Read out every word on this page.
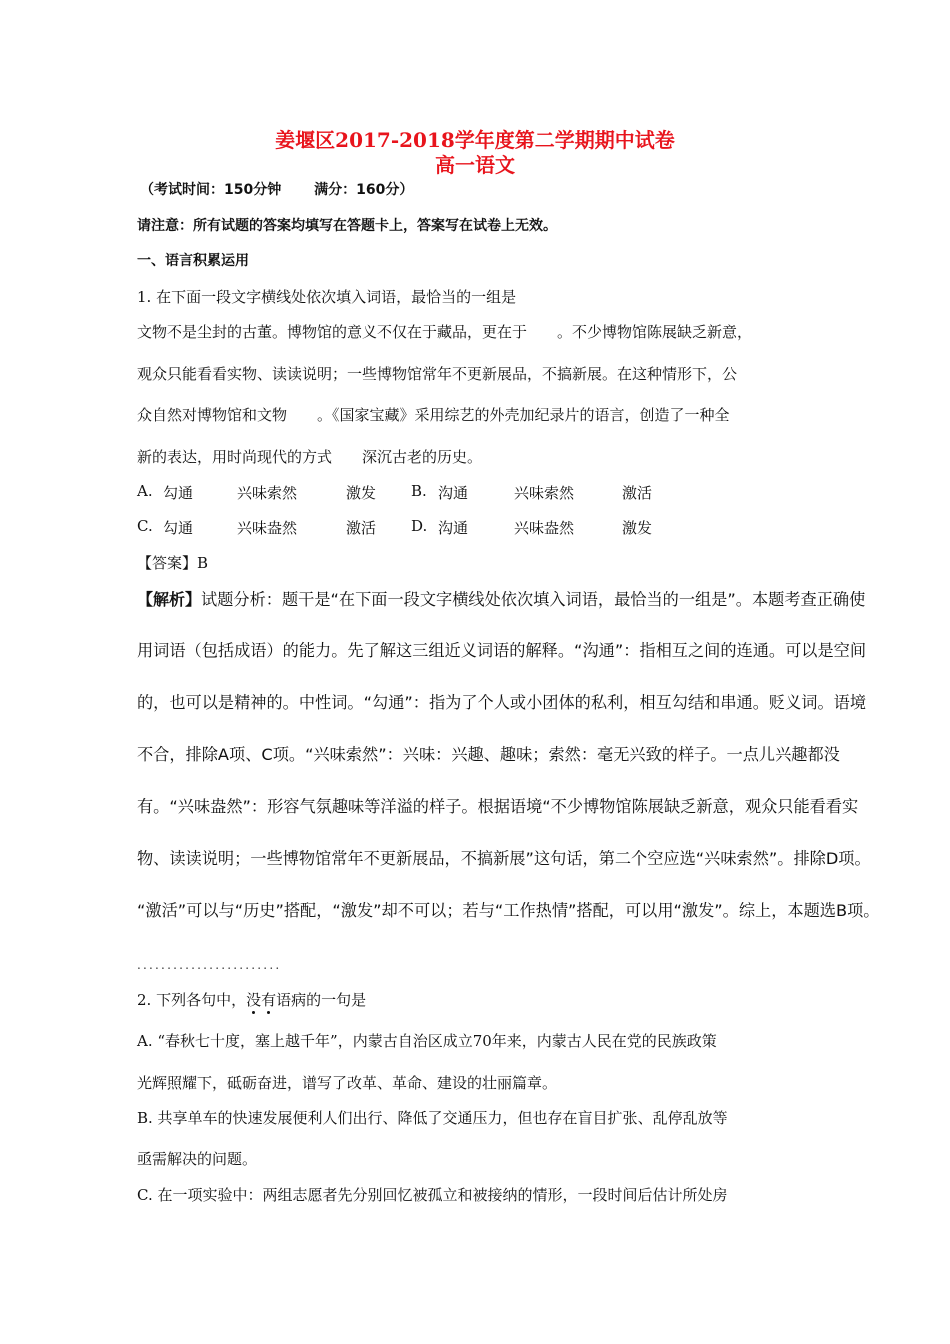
姜堰区2017-2018学年度第二学期期中试卷
高一语文
（考试时间：150分钟　　 满分：160分）
请注意：所有试题的答案均填写在答题卡上，答案写在试卷上无效。
一、语言积累运用
1. 在下面一段文字横线处依次填入词语，最恰当的一组是
文物不是尘封的古董。博物馆的意义不仅在于藏品，更在于　　。不少博物馆陈展缺乏新意，
观众只能看看实物、读读说明；一些博物馆常年不更新展品，不搞新展。在这种情形下，公
众自然对博物馆和文物　　。《国家宝藏》采用综艺的外壳加纪录片的语言，创造了一种全
新的表达，用时尚现代的方式　　深沉古老的历史。
A. 勾通	兴味索然	激发 B. 沟通	兴味索然	激活
C. 勾通	兴味盎然	激活 D. 沟通	兴味盎然	激发
【答案】B
【解析】试题分析：题干是“在下面一段文字横线处依次填入词语，最恰当的一组是”。本题考查正确使
用词语（包括成语）的能力。先了解这三组近义词语的解释。“沟通”：指相互之间的连通。可以是空间
的，也可以是精神的。中性词。“勾通”：指为了个人或小团体的私利，相互勾结和串通。贬义词。语境
不合，排除A项、C项。“兴味索然”：兴味：兴趣、趣味；索然：毫无兴致的样子。一点儿兴趣都没
有。“兴味盎然”：形容气氛趣味等洋溢的样子。根据语境“不少博物馆陈展缺乏新意，观众只能看看实
物、读读说明；一些博物馆常年不更新展品，不搞新展”这句话，第二个空应选“兴味索然”。排除D项。
“激活”可以与“历史”搭配，“激发”却不可以；若与“工作热情”搭配，可以用“激发”。综上，本题选B项。
........................
2. 下列各句中，没有语病的一句是
A. “春秋七十度，塞上越千年”，内蒙古自治区成立70年来，内蒙古人民在党的民族政策
光辉照耀下，砥砺奋进，谱写了改革、革命、建设的壮丽篇章。
B. 共享单车的快速发展便利人们出行、降低了交通压力，但也存在盲目扩张、乱停乱放等
亟需解决的问题。
C. 在一项实验中：两组志愿者先分别回忆被孤立和被接纳的情形，一段时间后估计所处房
